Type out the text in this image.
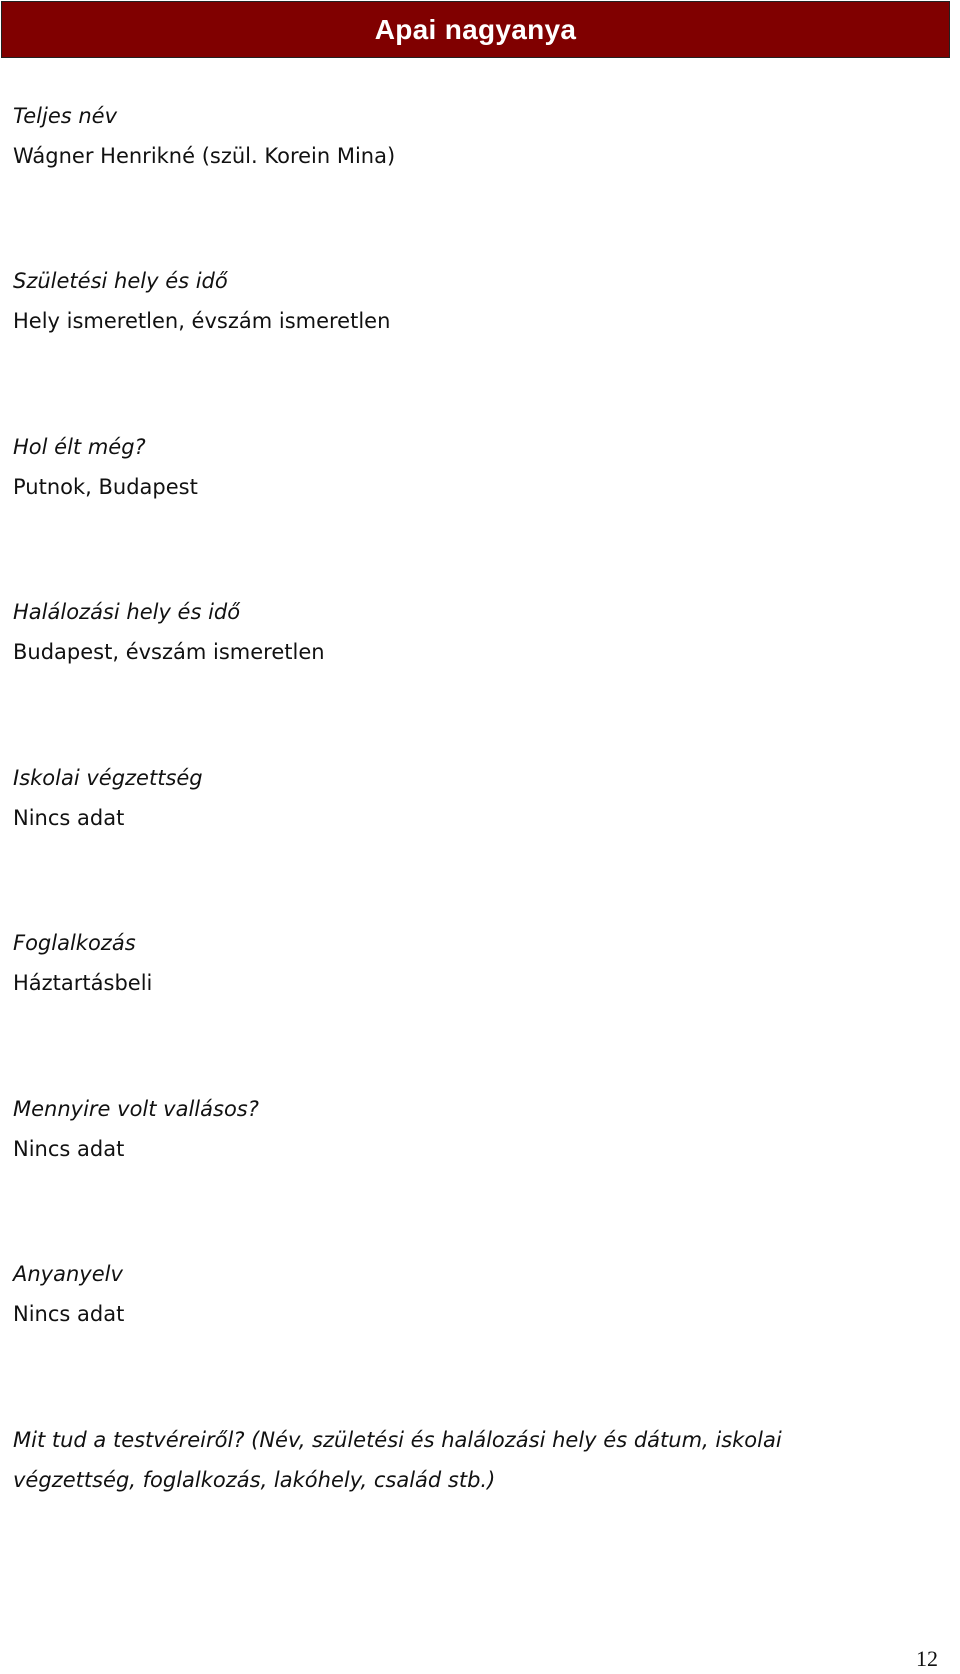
Apai nagyanya
Teljes név
Wágner Henrikné (szül. Korein Mina)
Születési hely és idő
Hely ismeretlen, évszám ismeretlen
Hol élt még?
Putnok, Budapest
Halálozási hely és idő
Budapest, évszám ismeretlen
Iskolai végzettség
Nincs adat
Foglalkozás
Háztartásbeli
Mennyire volt vallásos?
Nincs adat
Anyanyelv
Nincs adat
Mit tud a testvéreiről? (Név, születési és halálozási hely és dátum, iskolai
végzettség, foglalkozás, lakóhely, család stb.)
12
